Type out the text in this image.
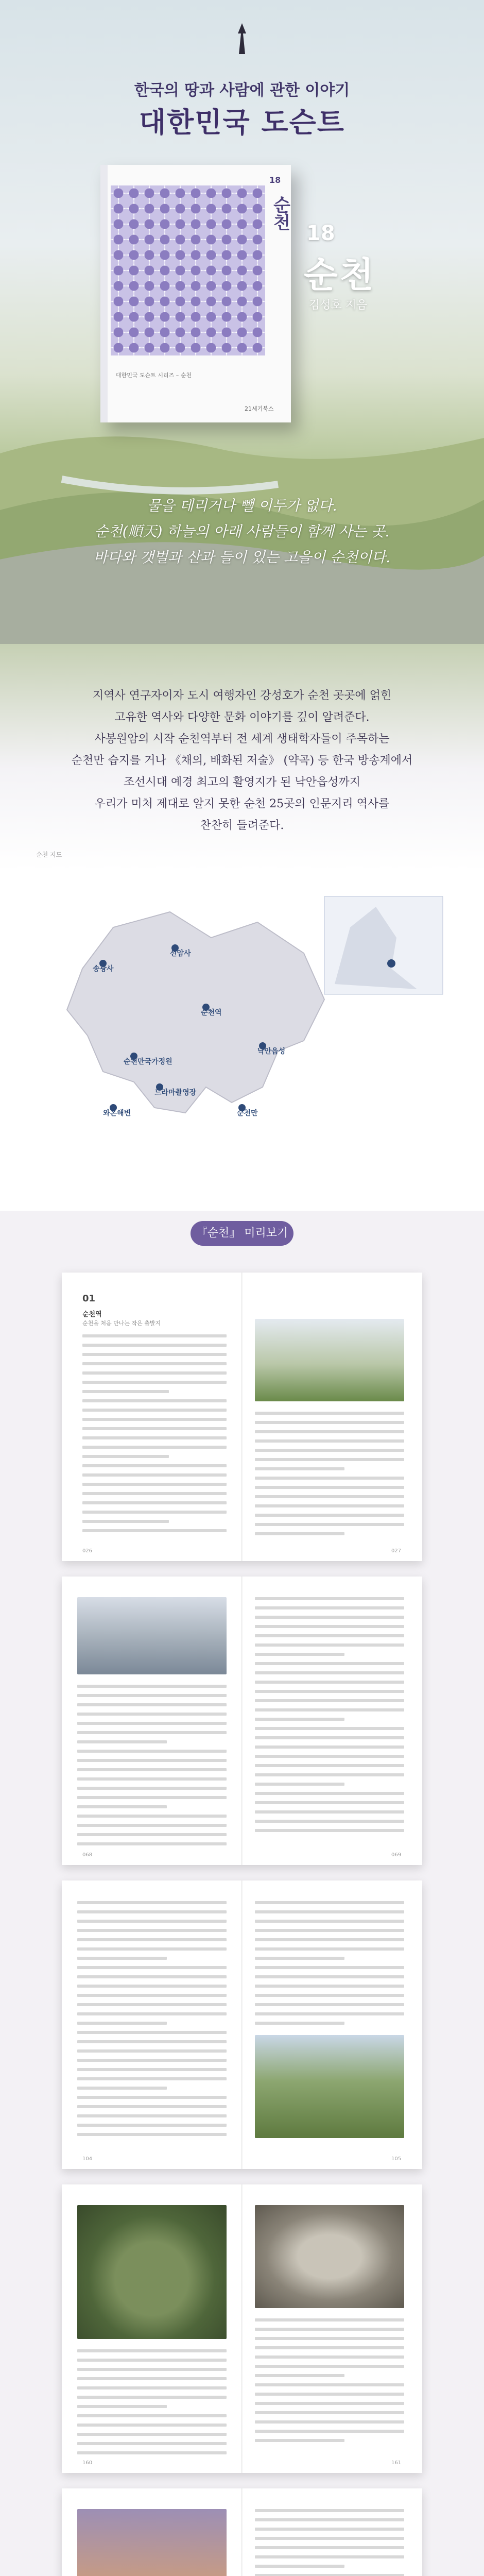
한국의 땅과 사람에 관한 이야기
대한민국 도슨트
18
순천
대한민국 도슨트 시리즈 – 순천
21세기북스
18
순천
김성호 지음
물을 데리거나 뺄 이두가 없다.
순천(順天) 하늘의 아래 사람들이 함께 사는 곳.
바다와 갯벌과 산과 들이 있는 고을이 순천이다.
지역사 연구자이자 도시 여행자인 강성호가 순천 곳곳에 얽힌
고유한 역사와 다양한 문화 이야기를 깊이 알려준다.
사봉원암의 시작 순천역부터 전 세계 생태학자들이 주목하는
순천만 습지를 거나 《채의, 배화된 저술》 (약곡) 등 한국 방송계에서
조선시대 예경 최고의 활영지가 된 낙안읍성까지
우리가 미처 제대로 알지 못한 순천 25곳의 인문지리 역사를
찬찬히 들려준다.
순천 지도
순천역
순천만
낙안읍성
선암사
송광사
순천만국가정원
드라마촬영장
와온해변
『순천』 미리보기
01
순천역
순천을 처음 만나는 작은 출발지
026	027
068	069
104	105
160	161
